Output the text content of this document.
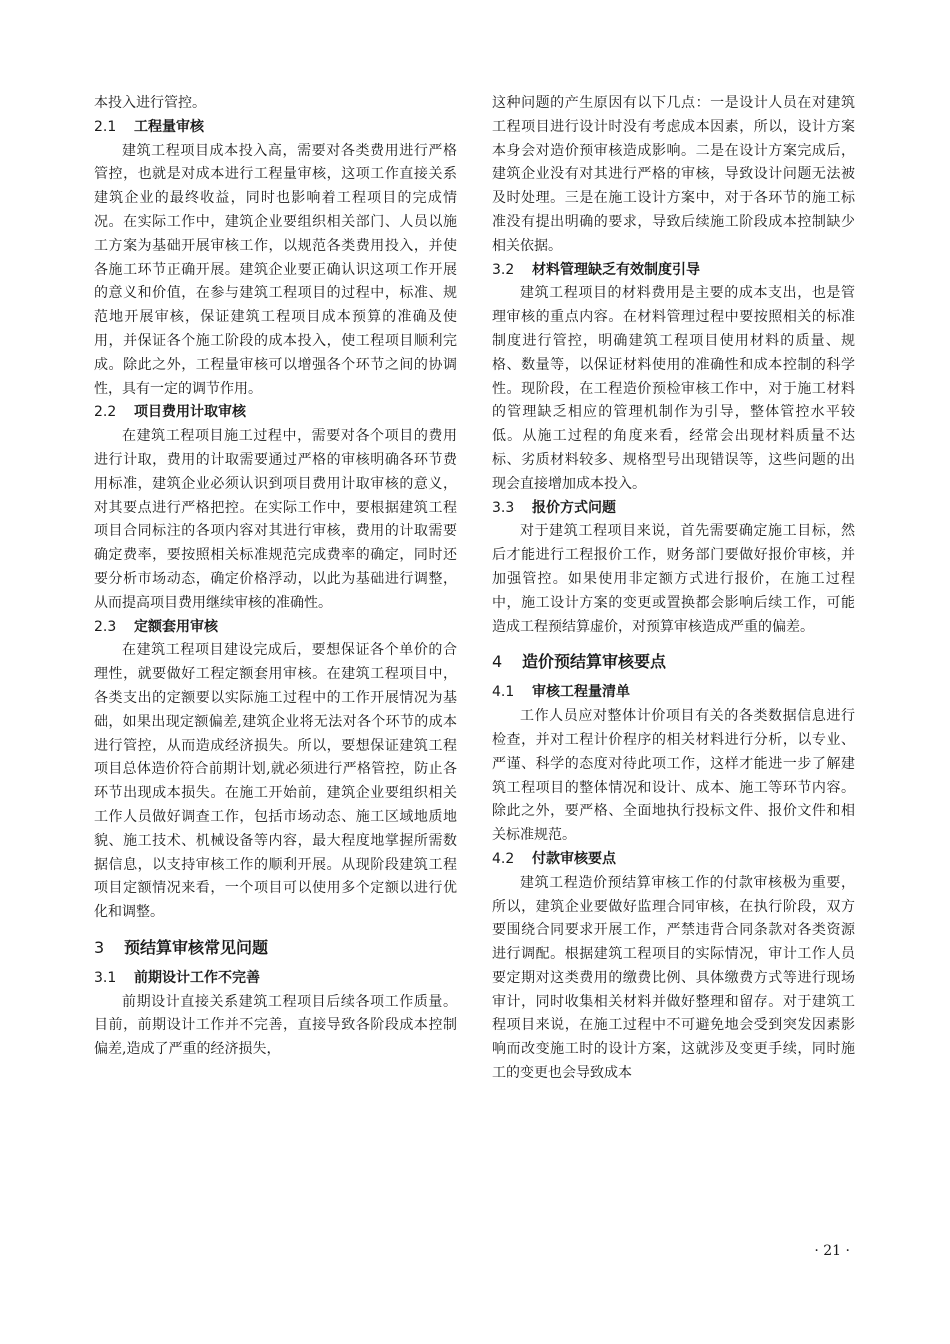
本投入进行管控。

2.1 工程量审核

建筑工程项目成本投入高，需要对各类费用进行严格管控，也就是对成本进行工程量审核，这项工作直接关系建筑企业的最终收益，同时也影响着工程项目的完成情况。在实际工作中，建筑企业要组织相关部门、人员以施工方案为基础开展审核工作，以规范各类费用投入，并使各施工环节正确开展。建筑企业要正确认识这项工作开展的意义和价值，在参与建筑工程项目的过程中，标准、规范地开展审核，保证建筑工程项目成本预算的准确及使用，并保证各个施工阶段的成本投入，使工程项目顺利完成。除此之外，工程量审核可以增强各个环节之间的协调性，具有一定的调节作用。

2.2 项目费用计取审核

在建筑工程项目施工过程中，需要对各个项目的费用进行计取，费用的计取需要通过严格的审核明确各环节费用标准，建筑企业必须认识到项目费用计取审核的意义，对其要点进行严格把控。在实际工作中，要根据建筑工程项目合同标注的各项内容对其进行审核，费用的计取需要确定费率，要按照相关标准规范完成费率的确定，同时还要分析市场动态，确定价格浮动，以此为基础进行调整，从而提高项目费用继续审核的准确性。

2.3 定额套用审核

在建筑工程项目建设完成后，要想保证各个单价的合理性，就要做好工程定额套用审核。在建筑工程项目中，各类支出的定额要以实际施工过程中的工作开展情况为基础，如果出现定额偏差,建筑企业将无法对各个环节的成本进行管控，从而造成经济损失。所以，要想保证建筑工程项目总体造价符合前期计划,就必须进行严格管控，防止各环节出现成本损失。在施工开始前，建筑企业要组织相关工作人员做好调查工作，包括市场动态、施工区域地质地貌、施工技术、机械设备等内容，最大程度地掌握所需数据信息，以支持审核工作的顺利开展。从现阶段建筑工程项目定额情况来看，一个项目可以使用多个定额以进行优化和调整。

3 预结算审核常见问题
3.1 前期设计工作不完善

前期设计直接关系建筑工程项目后续各项工作质量。目前，前期设计工作并不完善，直接导致各阶段成本控制偏差,造成了严重的经济损失，

这种问题的产生原因有以下几点：一是设计人员在对建筑工程项目进行设计时没有考虑成本因素，所以，设计方案本身会对造价预审核造成影响。二是在设计方案完成后，建筑企业没有对其进行严格的审核，导致设计问题无法被及时处理。三是在施工设计方案中，对于各环节的施工标准没有提出明确的要求，导致后续施工阶段成本控制缺少相关依据。

3.2 材料管理缺乏有效制度引导

建筑工程项目的材料费用是主要的成本支出，也是管理审核的重点内容。在材料管理过程中要按照相关的标准制度进行管控，明确建筑工程项目使用材料的质量、规格、数量等，以保证材料使用的准确性和成本控制的科学性。现阶段，在工程造价预检审核工作中，对于施工材料的管理缺乏相应的管理机制作为引导，整体管控水平较低。从施工过程的角度来看，经常会出现材料质量不达标、劣质材料较多、规格型号出现错误等，这些问题的出现会直接增加成本投入。

3.3 报价方式问题

对于建筑工程项目来说，首先需要确定施工目标，然后才能进行工程报价工作，财务部门要做好报价审核，并加强管控。如果使用非定额方式进行报价，在施工过程中，施工设计方案的变更或置换都会影响后续工作，可能造成工程预结算虚价，对预算审核造成严重的偏差。

4 造价预结算审核要点
4.1 审核工程量清单

工作人员应对整体计价项目有关的各类数据信息进行检查，并对工程计价程序的相关材料进行分析，以专业、严谨、科学的态度对待此项工作，这样才能进一步了解建筑工程项目的整体情况和设计、成本、施工等环节内容。除此之外，要严格、全面地执行投标文件、报价文件和相关标准规范。

4.2 付款审核要点

建筑工程造价预结算审核工作的付款审核极为重要，所以，建筑企业要做好监理合同审核，在执行阶段，双方要围绕合同要求开展工作，严禁违背合同条款对各类资源进行调配。根据建筑工程项目的实际情况，审计工作人员要定期对这类费用的缴费比例、具体缴费方式等进行现场审计，同时收集相关材料并做好整理和留存。对于建筑工程项目来说，在施工过程中不可避免地会受到突发因素影响而改变施工时的设计方案，这就涉及变更手续，同时施工的变更也会导致成本

· 21 ·
